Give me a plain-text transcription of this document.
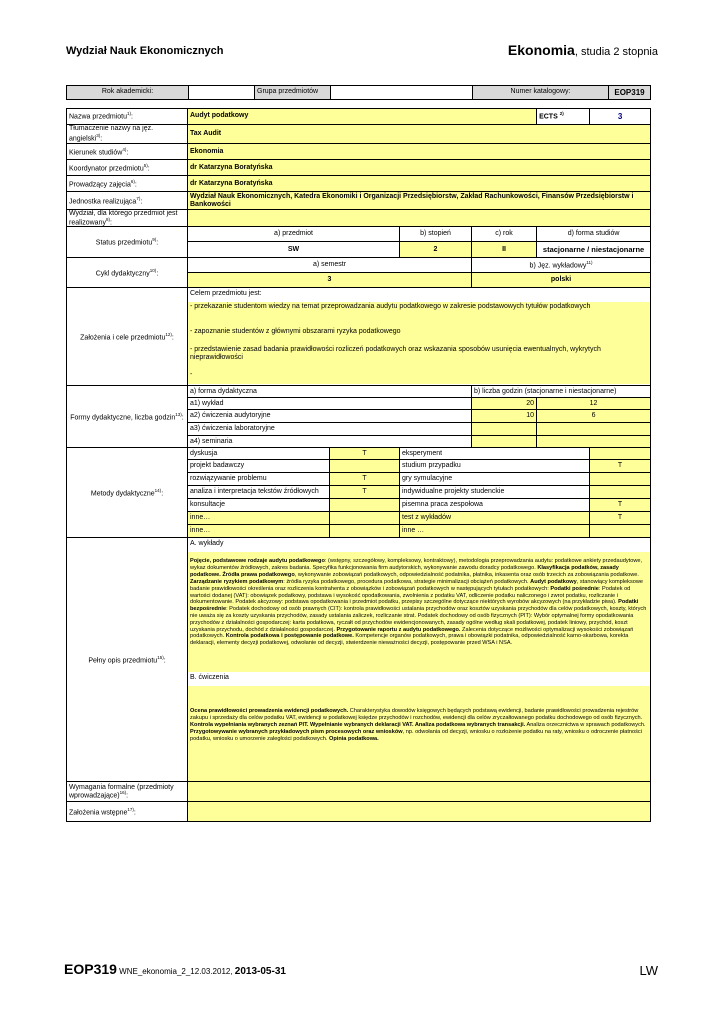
Wydział Nauk Ekonomicznych	Ekonomia, studia 2 stopnia
Rok akademicki:		Grupa przedmiotów		Numer katalogowy:	EOP319
Nazwa przedmiotu$^{1)}$:	Audyt podatkowy				ECTS $^{2)}$	3
Tłumaczenie nazwy na jęz. angielski$^{3)}$:	Tax Audit					
Kierunek studiów$^{4)}$:	Ekonomia					
Koordynator przedmiotu$^{5)}$:	dr Katarzyna Boratyńska					
Prowadzący zajęcia$^{6)}$:	dr Katarzyna Boratyńska					
Jednostka realizująca$^{7)}$:	Wydział Nauk Ekonomicznych, Katedra Ekonomiki i Organizacji Przedsiębiorstw, Zakład Rachunkowości, Finansów Przedsiębiorstw i Bankowości					
Wydział, dla którego przedmiot jest realizowany$^{8)}$:						
Status przedmiotu$^{9)}$:	a) przedmiot		b) stopień	c) rok	d) forma studiów	
	SW		2	II	stacjonarne / niestacjonarne	
Cykl dydaktyczny$^{10)}$:	a) semestr			b) Jęz. wykładowy$^{11)}$
	3			polski		
Założenia i cele przedmiotu$^{12)}$:	Celem przedmiotu jest:
- przekazanie studentom wiedzy na temat przeprowadzania audytu podatkowego w zakresie podstawowych tytułów podatkowych
- zapoznanie studentów z głównymi obszarami ryzyka podatkowego
- przedstawienie zasad badania prawidłowości rozliczeń podatkowych oraz wskazania sposobów usunięcia ewentualnych, wykrytych nieprawidłowości
-					

Formy dydaktyczne, liczba godzin$^{13)}$:	a) forma dydaktyczna			b) liczba godzin (stacjonarne i niestacjonarne)		
	a1) wykład			20	12	
	a2) ćwiczenia audytoryjne			10	6	
	a3) ćwiczenia laboratoryjne					
	a4) seminaria					
Metody dydaktyczne$^{14)}$:	dyskusja	T	eksperyment			
	projekt badawczy		studium przypadku			T
	rozwiązywanie problemu	T	gry symulacyjne			
	analiza i interpretacja tekstów źródłowych	T	indywidualne projekty studenckie			
	konsultacje		pisemna praca zespołowa			T
	inne…		test z wykładów			T
	inne…		inne …			
Pełny opis przedmiotu$^{15)}$:	A. wykłady
Pojęcie, podstawowe rodzaje audytu podatkowego: (wstępny, szczegółowy, kompleksowy, kontraktowy), metodologia przeprowadzania audytu: podatkowe ankiety przedaudytowe, wykaz dokumentów źródłowych, zakres badania. Specyfika funkcjonowania firm audytorskich, wykonywanie zawodu doradcy podatkowego. Klasyfikacja podatków, zasady podatkowe. Źródła prawa podatkowego, wykonywanie zobowiązań podatkowych, odpowiedzialność podatnika, płatnika, inkasenta oraz osób trzecich za zobowiązania podatkowe. Zarządzanie ryzykiem podatkowym: źródła ryzyka podatkowego, procedura podatkowa, strategie minimalizacji obciążeń podatkowych. Audyt podatkowy, stanowiący kompleksowe badanie prawidłowości określenia oraz rozliczenia kontrahenta z obowiązków i zobowiązań podatkowych w następujących tytułach podatkowych: Podatki pośrednie: Podatek od wartości dodanej (VAT): obowiązek podatkowy, podstawa i wysokość opodatkowania, zwolnienia z podatku VAT, odliczenie podatku naliczonego i zwrot podatku, rozliczanie i dokumentowanie. Podatek akcyzowy: podstawa opodatkowania i przedmiot podatku, przepisy szczególne dotyczące niektórych wyrobów akcyzowych (na przykładzie piwa). Podatki bezpośrednie: Podatek dochodowy od osób prawnych (CIT): kontrola prawidłowości ustalania przychodów oraz kosztów uzyskania przychodów dla celów podatkowych, koszty, których nie uważa się za koszty uzyskania przychodów, zasady ustalania zaliczek, rozliczanie strat. Podatek dochodowy od osób fizycznych (PIT): Wybór optymalnej formy opodatkowania przychodów z działalności gospodarczej: karta podatkowa, ryczałt od przychodów ewidencjonowanych, zasady ogólne według skali podatkowej, podatek liniowy, przychód, koszt uzyskania przychodu, dochód z działalności gospodarczej. Przygotowanie raportu z audytu podatkowego. Zalecenia dotyczące możliwości optymalizacji wysokości zobowiązań podatkowych. Kontrola podatkowa i postępowanie podatkowe. Kompetencje organów podatkowych, prawa i obowiązki podatnika, odpowiedzialność karno-skarbowa, korekta deklaracji, elementy decyzji podatkowej, odwołanie od decyzji, stwierdzenie nieważności decyzji, postępowanie przed WSA i NSA.
B. ćwiczenia
Ocena prawidłowości prowadzenia ewidencji podatkowych. Charakterystyka dowodów księgowych będących podstawą ewidencji, badanie prawidłowości prowadzenia rejestrów zakupu i sprzedaży dla celów podatku VAT, ewidencji w podatkowej księdze przychodów i rozchodów, ewidencji dla celów zryczałtowanego podatku dochodowego od osób fizycznych. Kontrola wypełniania wybranych zeznań PIT. Wypełnianie wybranych deklaracji VAT. Analiza podatkowa wybranych transakcji. Analiza orzecznictwa w sprawach podatkowych. Przygotowywanie wybranych przykładowych pism procesowych oraz wniosków, np. odwołania od decyzji, wniosku o rozłożenie podatku na raty, wniosku o odroczenie płatności podatku, wniosku o umorzenie zaległości podatkowych. Opinia podatkowa.					

Wymagania formalne (przedmioty wprowadzające)$^{16)}$:						
Założenia wstępne$^{17)}$:						
EOP319 WNE_ekonomia_2_12.03.2012, 2013-05-31	LW
